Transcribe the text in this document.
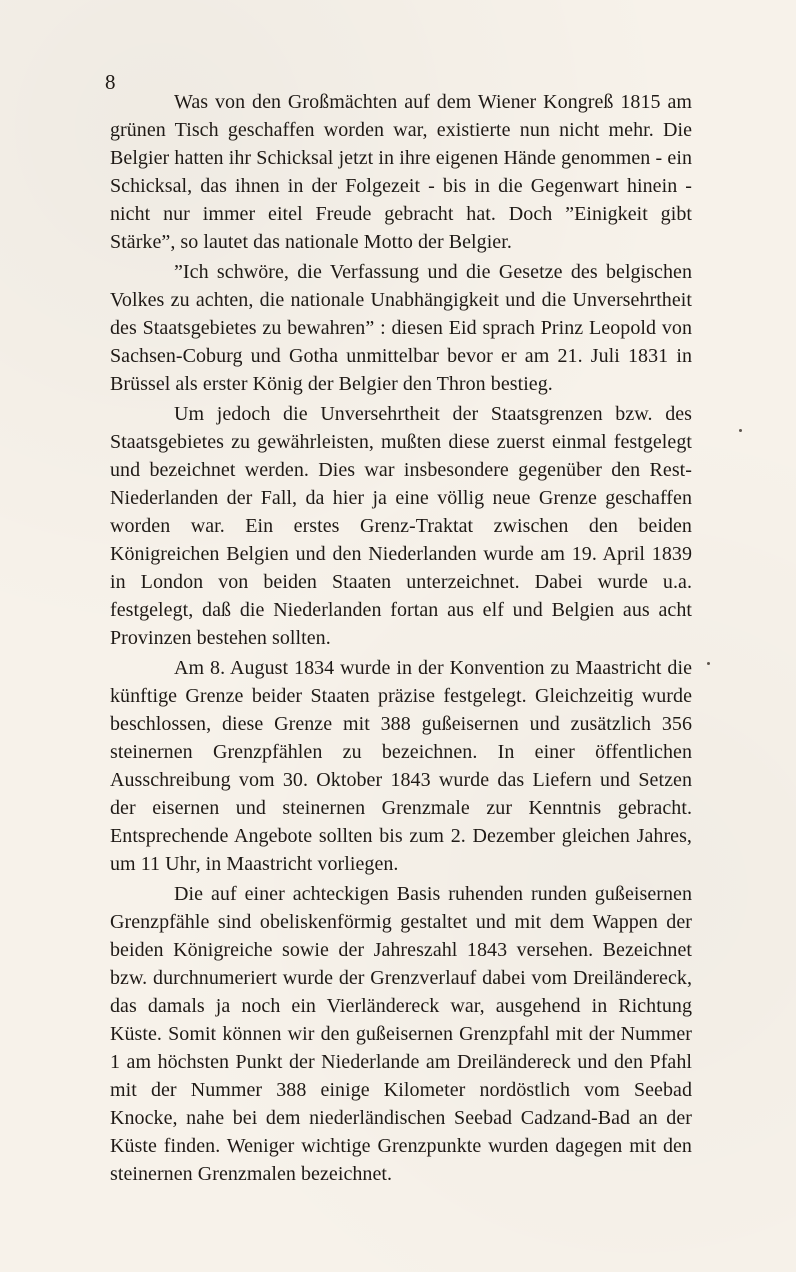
8

Was von den Großmächten auf dem Wiener Kongreß 1815 am grünen Tisch geschaffen worden war, existierte nun nicht mehr. Die Belgier hatten ihr Schicksal jetzt in ihre eigenen Hände genommen - ein Schicksal, das ihnen in der Folgezeit - bis in die Gegenwart hinein - nicht nur immer eitel Freude gebracht hat. Doch ”Einigkeit gibt Stärke”, so lautet das nationale Motto der Belgier.

”Ich schwöre, die Verfassung und die Gesetze des belgischen Volkes zu achten, die nationale Unabhängigkeit und die Unversehrtheit des Staatsgebietes zu bewahren” : diesen Eid sprach Prinz Leopold von Sachsen-Coburg und Gotha unmittelbar bevor er am 21. Juli 1831 in Brüssel als erster König der Belgier den Thron bestieg.

Um jedoch die Unversehrtheit der Staatsgrenzen bzw. des Staatsgebietes zu gewährleisten, mußten diese zuerst einmal festgelegt und bezeichnet werden. Dies war insbesondere gegenüber den Rest-Niederlanden der Fall, da hier ja eine völlig neue Grenze geschaffen worden war. Ein erstes Grenz-Traktat zwischen den beiden Königreichen Belgien und den Niederlanden wurde am 19. April 1839 in London von beiden Staaten unterzeichnet. Dabei wurde u.a. festgelegt, daß die Niederlanden fortan aus elf und Belgien aus acht Provinzen bestehen sollten.

Am 8. August 1834 wurde in der Konvention zu Maastricht die künftige Grenze beider Staaten präzise festgelegt. Gleichzeitig wurde beschlossen, diese Grenze mit 388 gußeisernen und zusätzlich 356 steinernen Grenzpfählen zu bezeichnen. In einer öffentlichen Ausschreibung vom 30. Oktober 1843 wurde das Liefern und Setzen der eisernen und steinernen Grenzmale zur Kenntnis gebracht. Entsprechende Angebote sollten bis zum 2. Dezember gleichen Jahres, um 11 Uhr, in Maastricht vorliegen.

Die auf einer achteckigen Basis ruhenden runden gußeisernen Grenzpfähle sind obeliskenförmig gestaltet und mit dem Wappen der beiden Königreiche sowie der Jahreszahl 1843 versehen. Bezeichnet bzw. durchnumeriert wurde der Grenzverlauf dabei vom Dreiländereck, das damals ja noch ein Vierländereck war, ausgehend in Richtung Küste. Somit können wir den gußeisernen Grenzpfahl mit der Nummer 1 am höchsten Punkt der Niederlande am Dreiländereck und den Pfahl mit der Nummer 388 einige Kilometer nordöstlich vom Seebad Knocke, nahe bei dem niederländischen Seebad Cadzand-Bad an der Küste finden. Weniger wichtige Grenzpunkte wurden dagegen mit den steinernen Grenzmalen bezeichnet.
